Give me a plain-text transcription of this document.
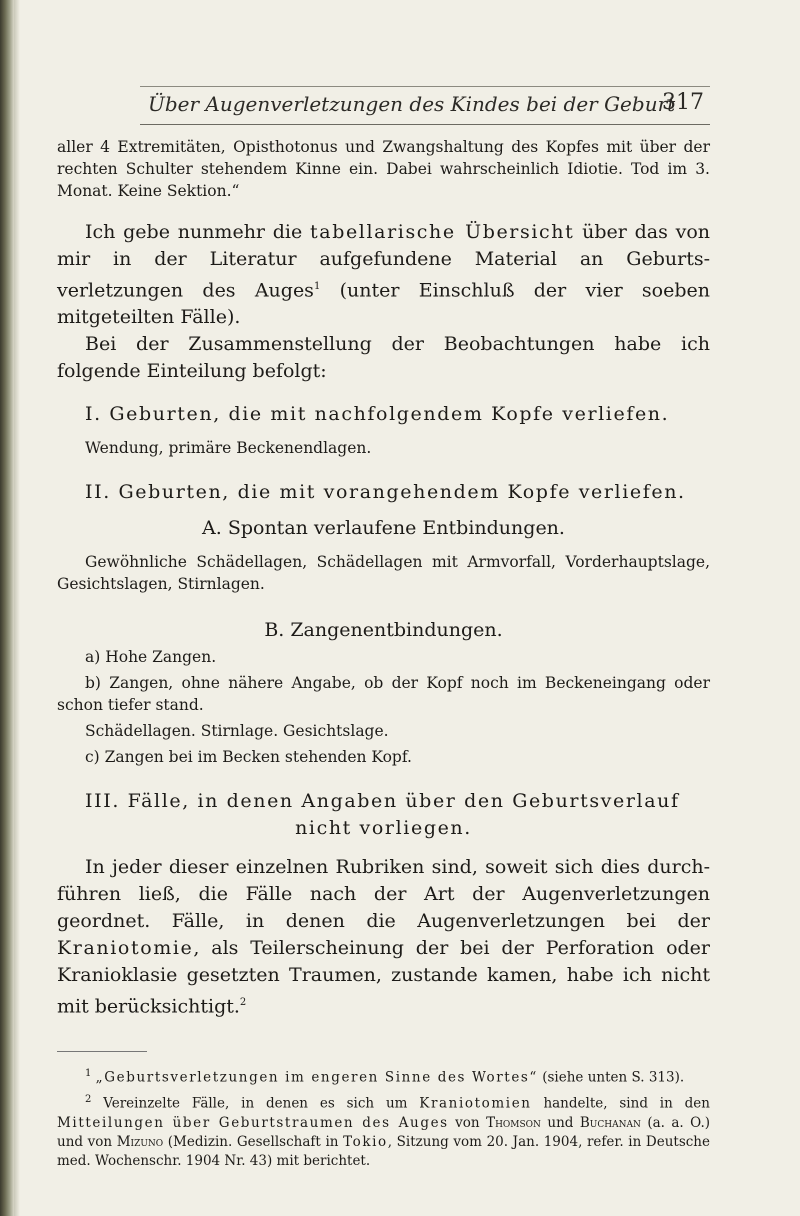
Über Augenverletzungen des Kindes bei der Geburt
317

aller 4 Extremitäten, Opisthotonus und Zwangshaltung des Kopfes mit über der rechten Schulter stehendem Kinne ein. Dabei wahrscheinlich Idiotie. Tod im 3. Monat. Keine Sektion.“

Ich gebe nunmehr die tabellarische Übersicht über das von mir in der Literatur aufgefundene Material an Geburtsverletzungen des Auges$^1$ (unter Einschluß der vier soeben mitgeteilten Fälle).

Bei der Zusammenstellung der Beobachtungen habe ich folgende Einteilung befolgt:

I. Geburten, die mit nachfolgendem Kopfe verliefen.

Wendung, primäre Beckenendlagen.

II. Geburten, die mit vorangehendem Kopfe verliefen.

A. Spontan verlaufene Entbindungen.

Gewöhnliche Schädellagen, Schädellagen mit Armvorfall, Vorderhauptslage, Gesichtslagen, Stirnlagen.

B. Zangenentbindungen.

a) Hohe Zangen.

b) Zangen, ohne nähere Angabe, ob der Kopf noch im Beckeneingang oder schon tiefer stand.

Schädellagen. Stirnlage. Gesichtslage.

c) Zangen bei im Becken stehenden Kopf.

III. Fälle, in denen Angaben über den Geburtsverlauf

nicht vorliegen.

In jeder dieser einzelnen Rubriken sind, soweit sich dies durchführen ließ, die Fälle nach der Art der Augenverletzungen geordnet. Fälle, in denen die Augenverletzungen bei der Kraniotomie, als Teilerscheinung der bei der Perforation oder Kranioklasie gesetzten Traumen, zustande kamen, habe ich nicht mit berücksichtigt.$^2$

$^1$ „Geburtsverletzungen im engeren Sinne des Wortes“ (siehe unten S. 313).

$^2$ Vereinzelte Fälle, in denen es sich um Kraniotomien handelte, sind in den Mitteilungen über Geburtstraumen des Auges von Thomson und Buchanan (a. a. O.) und von Mizuno (Medizin. Gesellschaft in Tokio, Sitzung vom 20. Jan. 1904, refer. in Deutsche med. Wochenschr. 1904 Nr. 43) mit berichtet.
